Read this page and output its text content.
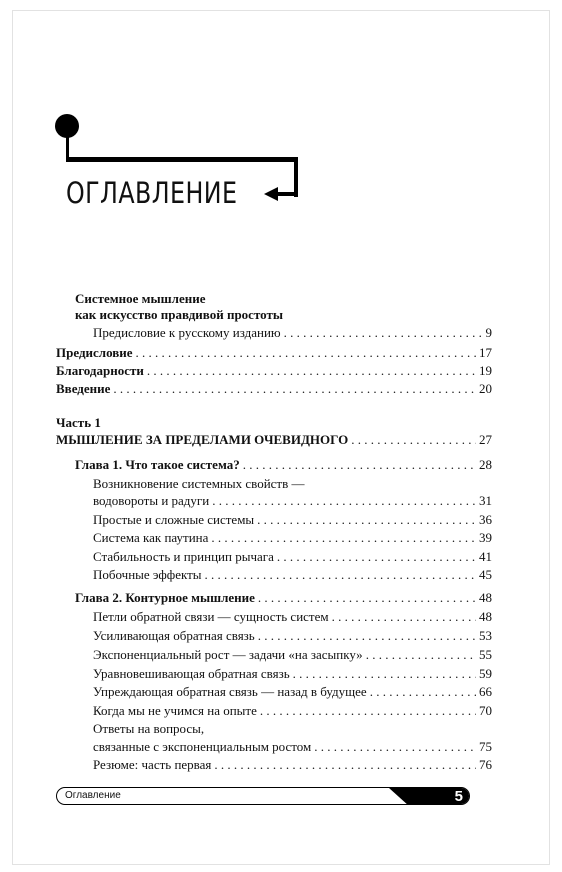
ОГЛАВЛЕНИЕ
Системное мышление
как искусство правдивой простоты
Предисловие к русскому изданию . . .	9
Предисловие . . .	17
Благодарности . . .	19
Введение . . .	20
Часть 1
МЫШЛЕНИЕ ЗА ПРЕДЕЛАМИ ОЧЕВИДНОГО . . .	27
Глава 1. Что такое система? . . .	28
Возникновение системных свойств —
водовороты и радуги . . .	31
Простые и сложные системы . . .	36
Система как паутина . . .	39
Стабильность и принцип рычага . . .	41
Побочные эффекты . . .	45
Глава 2. Контурное мышление . . .	48
Петли обратной связи — сущность систем . . .	48
Усиливающая обратная связь . . .	53
Экспоненциальный рост — задачи «на засыпку» . . .	55
Уравновешивающая обратная связь . . .	59
Упреждающая обратная связь — назад в будущее . . .	66
Когда мы не учимся на опыте . . .	70
Ответы на вопросы,
связанные с экспоненциальным ростом . . .	75
Резюме: часть первая . . .	76
Оглавление	5
